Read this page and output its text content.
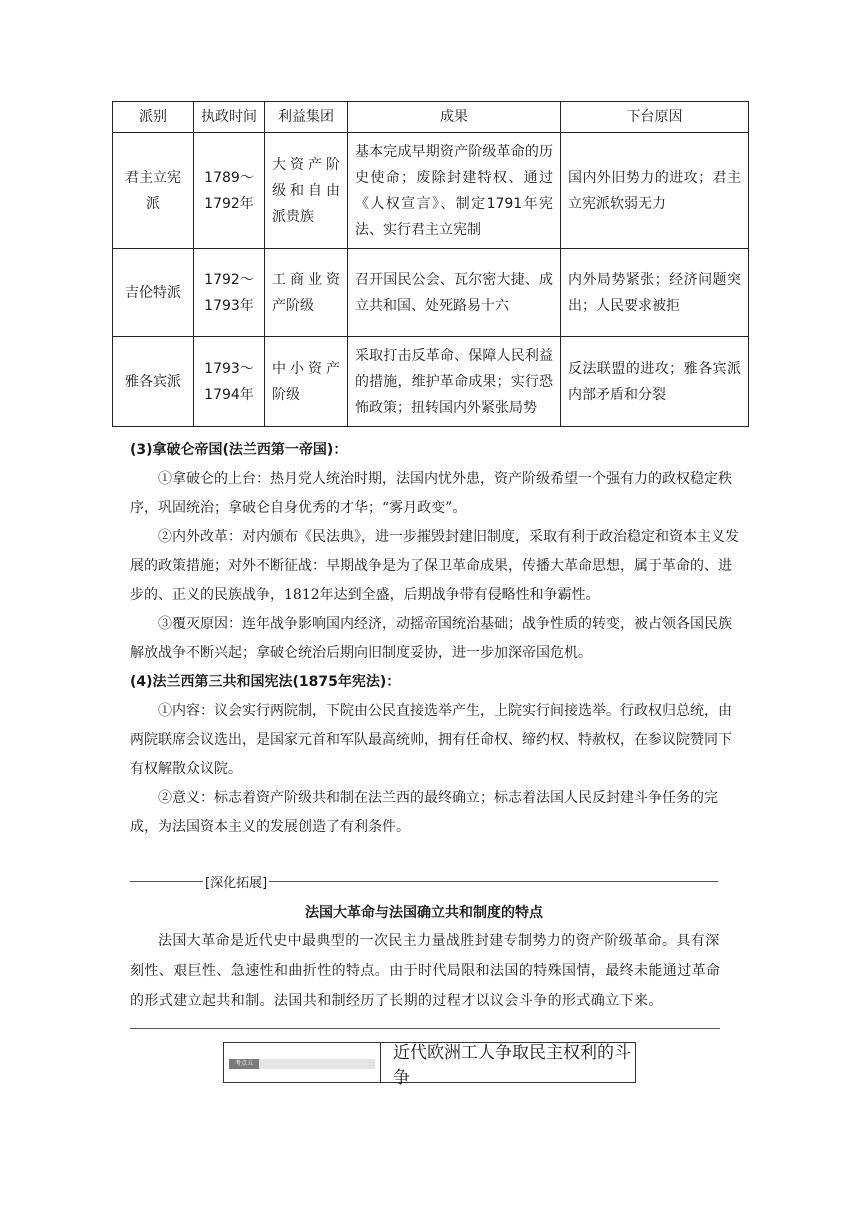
派别	执政时间	利益集团	成果	下台原因
君主立宪派	1789～1792年	大资产阶级和自由派贵族	基本完成早期资产阶级革命的历史使命；废除封建特权、通过《人权宣言》、制定1791年宪法、实行君主立宪制	国内外旧势力的进攻；君主立宪派软弱无力
吉伦特派	1792～1793年	工商业资产阶级	召开国民公会、瓦尔密大捷、成立共和国、处死路易十六	内外局势紧张；经济问题突出；人民要求被拒
雅各宾派	1793～1794年	中小资产阶级	采取打击反革命、保障人民利益的措施，维护革命成果；实行恐怖政策；扭转国内外紧张局势	反法联盟的进攻；雅各宾派内部矛盾和分裂
(3)拿破仑帝国(法兰西第一帝国)：
①拿破仑的上台：热月党人统治时期，法国内忧外患，资产阶级希望一个强有力的政权稳定秩序，巩固统治；拿破仑自身优秀的才华；“雾月政变”。
②内外改革：对内颁布《民法典》，进一步摧毁封建旧制度，采取有利于政治稳定和资本主义发展的政策措施；对外不断征战：早期战争是为了保卫革命成果，传播大革命思想，属于革命的、进步的、正义的民族战争，1812年达到全盛，后期战争带有侵略性和争霸性。
③覆灭原因：连年战争影响国内经济，动摇帝国统治基础；战争性质的转变，被占领各国民族解放战争不断兴起；拿破仑统治后期向旧制度妥协，进一步加深帝国危机。
(4)法兰西第三共和国宪法(1875年宪法)：
①内容：议会实行两院制，下院由公民直接选举产生，上院实行间接选举。行政权归总统，由两院联席会议选出，是国家元首和军队最高统帅，拥有任命权、缔约权、特赦权，在参议院赞同下有权解散众议院。
②意义：标志着资产阶级共和制在法兰西的最终确立；标志着法国人民反封建斗争任务的完成，为法国资本主义的发展创造了有利条件。
[深化拓展]
法国大革命与法国确立共和制度的特点
法国大革命是近代史中最典型的一次民主力量战胜封建专制势力的资产阶级革命。具有深刻性、艰巨性、急速性和曲折性的特点。由于时代局限和法国的特殊国情，最终未能通过革命的形式建立起共和制。法国共和制经历了长期的过程才以议会斗争的形式确立下来。
考点五
近代欧洲工人争取民主权利的斗争
